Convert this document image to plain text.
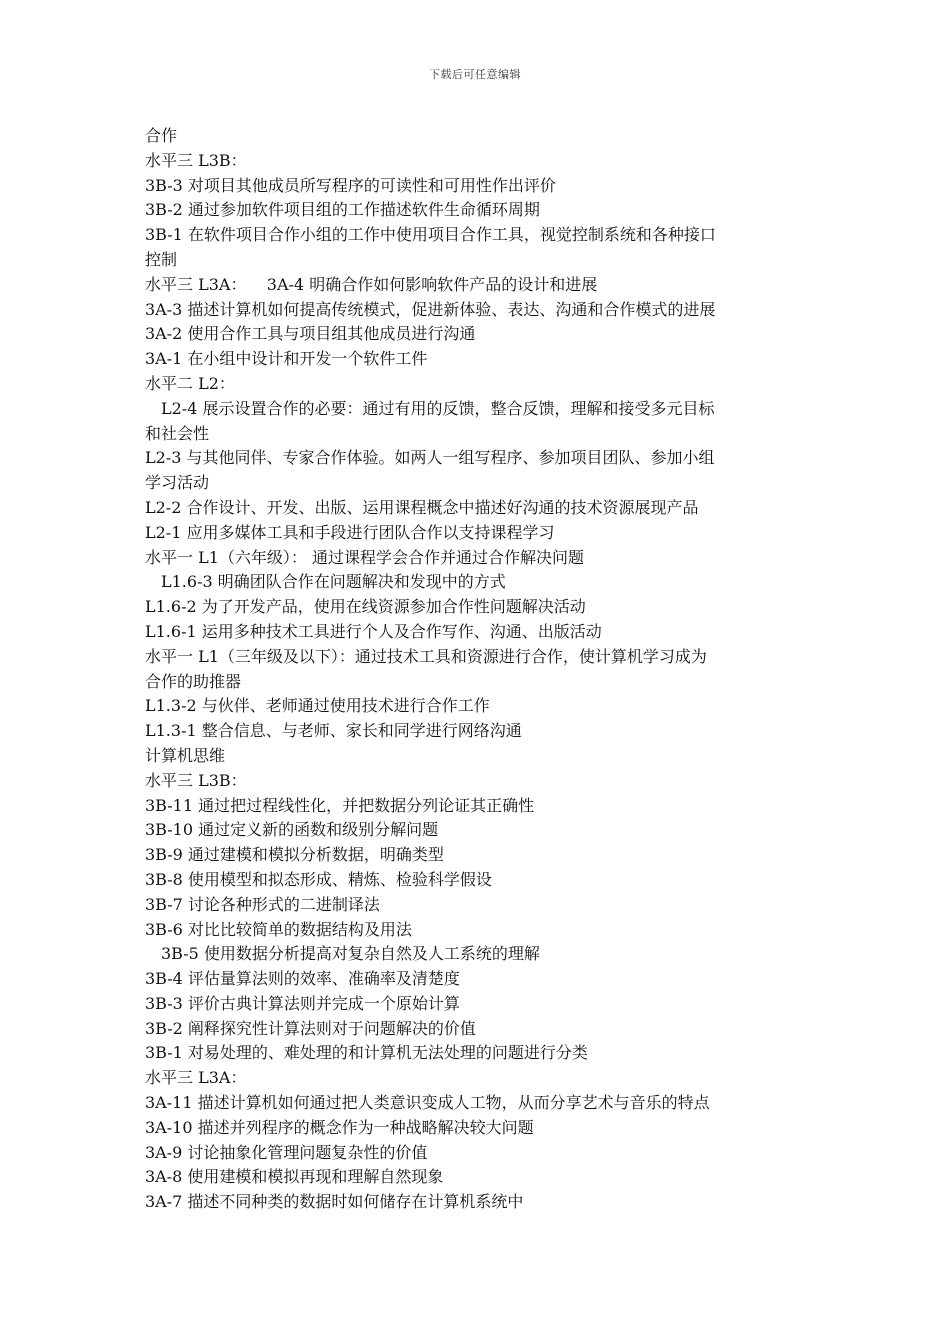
下载后可任意编辑

合作

水平三 L3B：

3B-3 对项目其他成员所写程序的可读性和可用性作出评价

3B-2 通过参加软件项目组的工作描述软件生命循环周期

3B-1 在软件项目合作小组的工作中使用项目合作工具，视觉控制系统和各种接口

控制

水平三 L3A：    3A-4 明确合作如何影响软件产品的设计和进展

3A-3 描述计算机如何提高传统模式，促进新体验、表达、沟通和合作模式的进展

3A-2 使用合作工具与项目组其他成员进行沟通

3A-1 在小组中设计和开发一个软件工件

水平二 L2：

L2-4 展示设置合作的必要：通过有用的反馈，整合反馈，理解和接受多元目标

和社会性

L2-3 与其他同伴、专家合作体验。如两人一组写程序、参加项目团队、参加小组

学习活动

L2-2 合作设计、开发、出版、运用课程概念中描述好沟通的技术资源展现产品

L2-1 应用多媒体工具和手段进行团队合作以支持课程学习

水平一 L1（六年级）： 通过课程学会合作并通过合作解决问题

L1.6-3 明确团队合作在问题解决和发现中的方式

L1.6-2 为了开发产品，使用在线资源参加合作性问题解决活动

L1.6-1 运用多种技术工具进行个人及合作写作、沟通、出版活动

水平一 L1（三年级及以下）：通过技术工具和资源进行合作，使计算机学习成为

合作的助推器

L1.3-2 与伙伴、老师通过使用技术进行合作工作

L1.3-1 整合信息、与老师、家长和同学进行网络沟通

计算机思维

水平三 L3B：

3B-11 通过把过程线性化，并把数据分列论证其正确性

3B-10 通过定义新的函数和级别分解问题

3B-9 通过建模和模拟分析数据，明确类型

3B-8 使用模型和拟态形成、精炼、检验科学假设

3B-7 讨论各种形式的二进制译法

3B-6 对比比较简单的数据结构及用法

3B-5 使用数据分析提高对复杂自然及人工系统的理解

3B-4 评估量算法则的效率、准确率及清楚度

3B-3 评价古典计算法则并完成一个原始计算

3B-2 阐释探究性计算法则对于问题解决的价值

3B-1 对易处理的、难处理的和计算机无法处理的问题进行分类

水平三 L3A：

3A-11 描述计算机如何通过把人类意识变成人工物，从而分享艺术与音乐的特点

3A-10 描述并列程序的概念作为一种战略解决较大问题

3A-9 讨论抽象化管理问题复杂性的价值

3A-8 使用建模和模拟再现和理解自然现象

3A-7 描述不同种类的数据时如何储存在计算机系统中
